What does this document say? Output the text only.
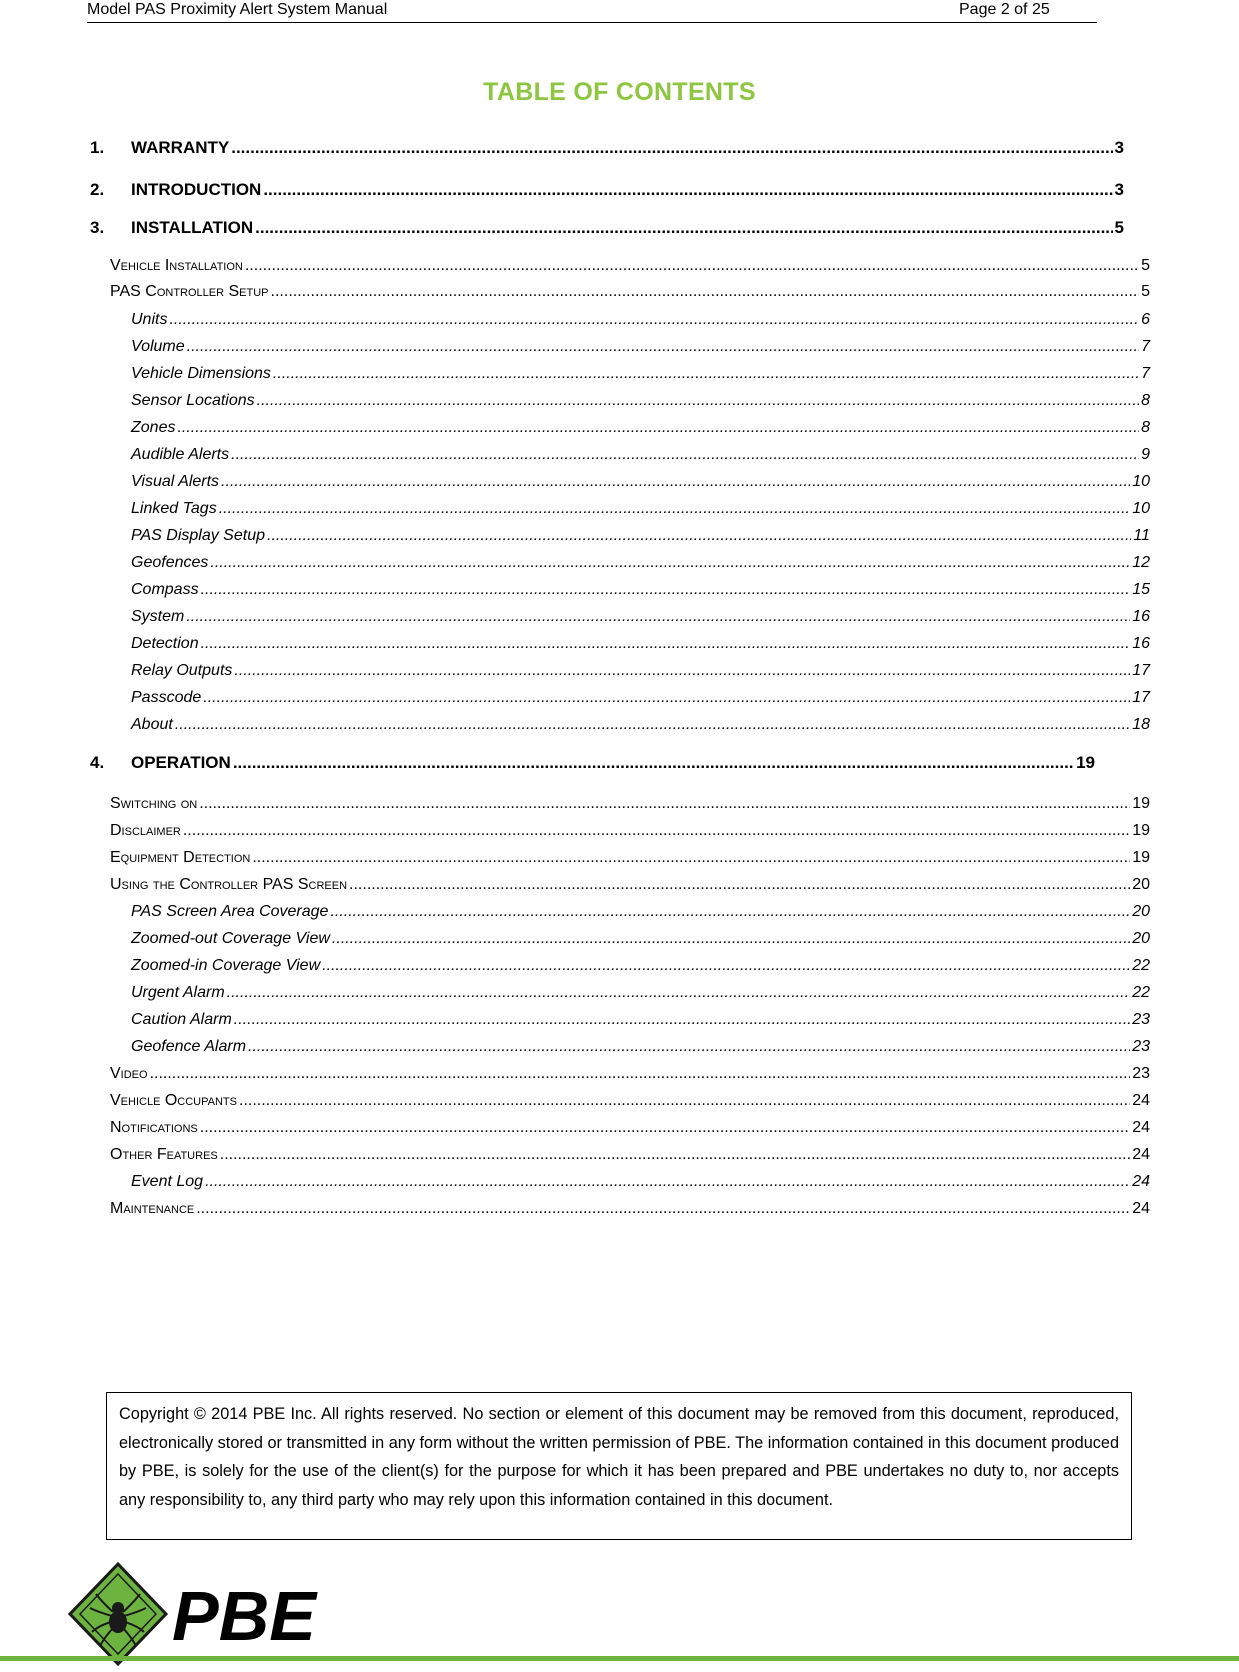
Model PAS Proximity Alert System Manual	Page 2 of 25
TABLE OF CONTENTS
1.	WARRANTY .....	3
2.	INTRODUCTION .....	3
3.	INSTALLATION .....	5
Vehicle Installation .....	5
PAS Controller Setup .....	5
Units .....	6
Volume .....	7
Vehicle Dimensions .....	7
Sensor Locations .....	8
Zones .....	8
Audible Alerts .....	9
Visual Alerts .....	10
Linked Tags .....	10
PAS Display Setup .....	11
Geofences .....	12
Compass .....	15
System .....	16
Detection .....	16
Relay Outputs .....	17
Passcode .....	17
About .....	18
4.	OPERATION .....	19
Switching on .....	19
Disclaimer .....	19
Equipment Detection .....	19
Using the Controller PAS Screen .....	20
PAS Screen Area Coverage .....	20
Zoomed-out Coverage View .....	20
Zoomed-in Coverage View .....	22
Urgent Alarm .....	22
Caution Alarm .....	23
Geofence Alarm .....	23
Video .....	23
Vehicle Occupants .....	24
Notifications .....	24
Other Features .....	24
Event Log .....	24
Maintenance .....	24
Copyright © 2014 PBE Inc. All rights reserved. No section or element of this document may be removed from this document, reproduced, electronically stored or transmitted in any form without the written permission of PBE. The information contained in this document produced by PBE, is solely for the use of the client(s) for the purpose for which it has been prepared and PBE undertakes no duty to, nor accepts any responsibility to, any third party who may rely upon this information contained in this document.
PBE
